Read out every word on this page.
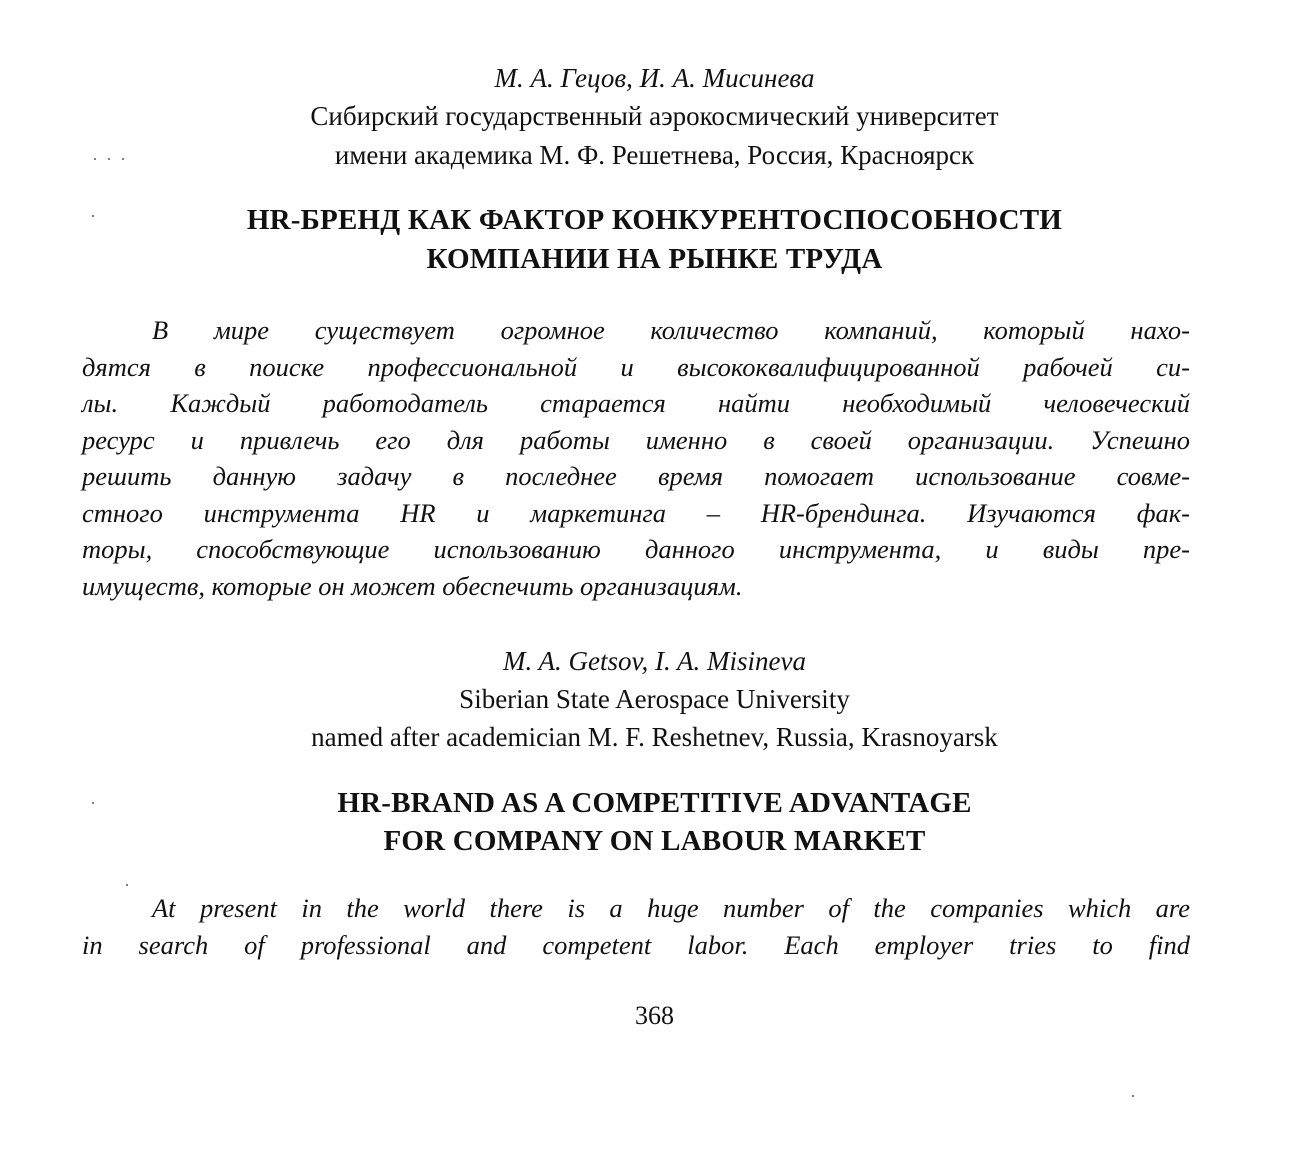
М. А. Гецов, И. А. Мисинева
Сибирский государственный аэрокосмический университет
имени академика М. Ф. Решетнева, Россия, Красноярск
HR-БРЕНД КАК ФАКТОР КОНКУРЕНТОСПОСОБНОСТИ
КОМПАНИИ НА РЫНКЕ ТРУДА
В мире существует огромное количество компаний, который нахо-
дятся в поиске профессиональной и высококвалифицированной рабочей си-
лы. Каждый работодатель старается найти необходимый человеческий
ресурс и привлечь его для работы именно в своей организации. Успешно
решить данную задачу в последнее время помогает использование совме-
стного инструмента HR и маркетинга – HR-брендинга. Изучаются фак-
торы, способствующие использованию данного инструмента, и виды пре-
имуществ, которые он может обеспечить организациям.
M. A. Getsov, I. A. Misineva
Siberian State Aerospace University
named after academician M. F. Reshetnev, Russia, Krasnoyarsk
HR-BRAND AS A COMPETITIVE ADVANTAGE
FOR COMPANY ON LABOUR MARKET
At present in the world there is a huge number of the companies which are
in search of professional and competent labor. Each employer tries to find
368
